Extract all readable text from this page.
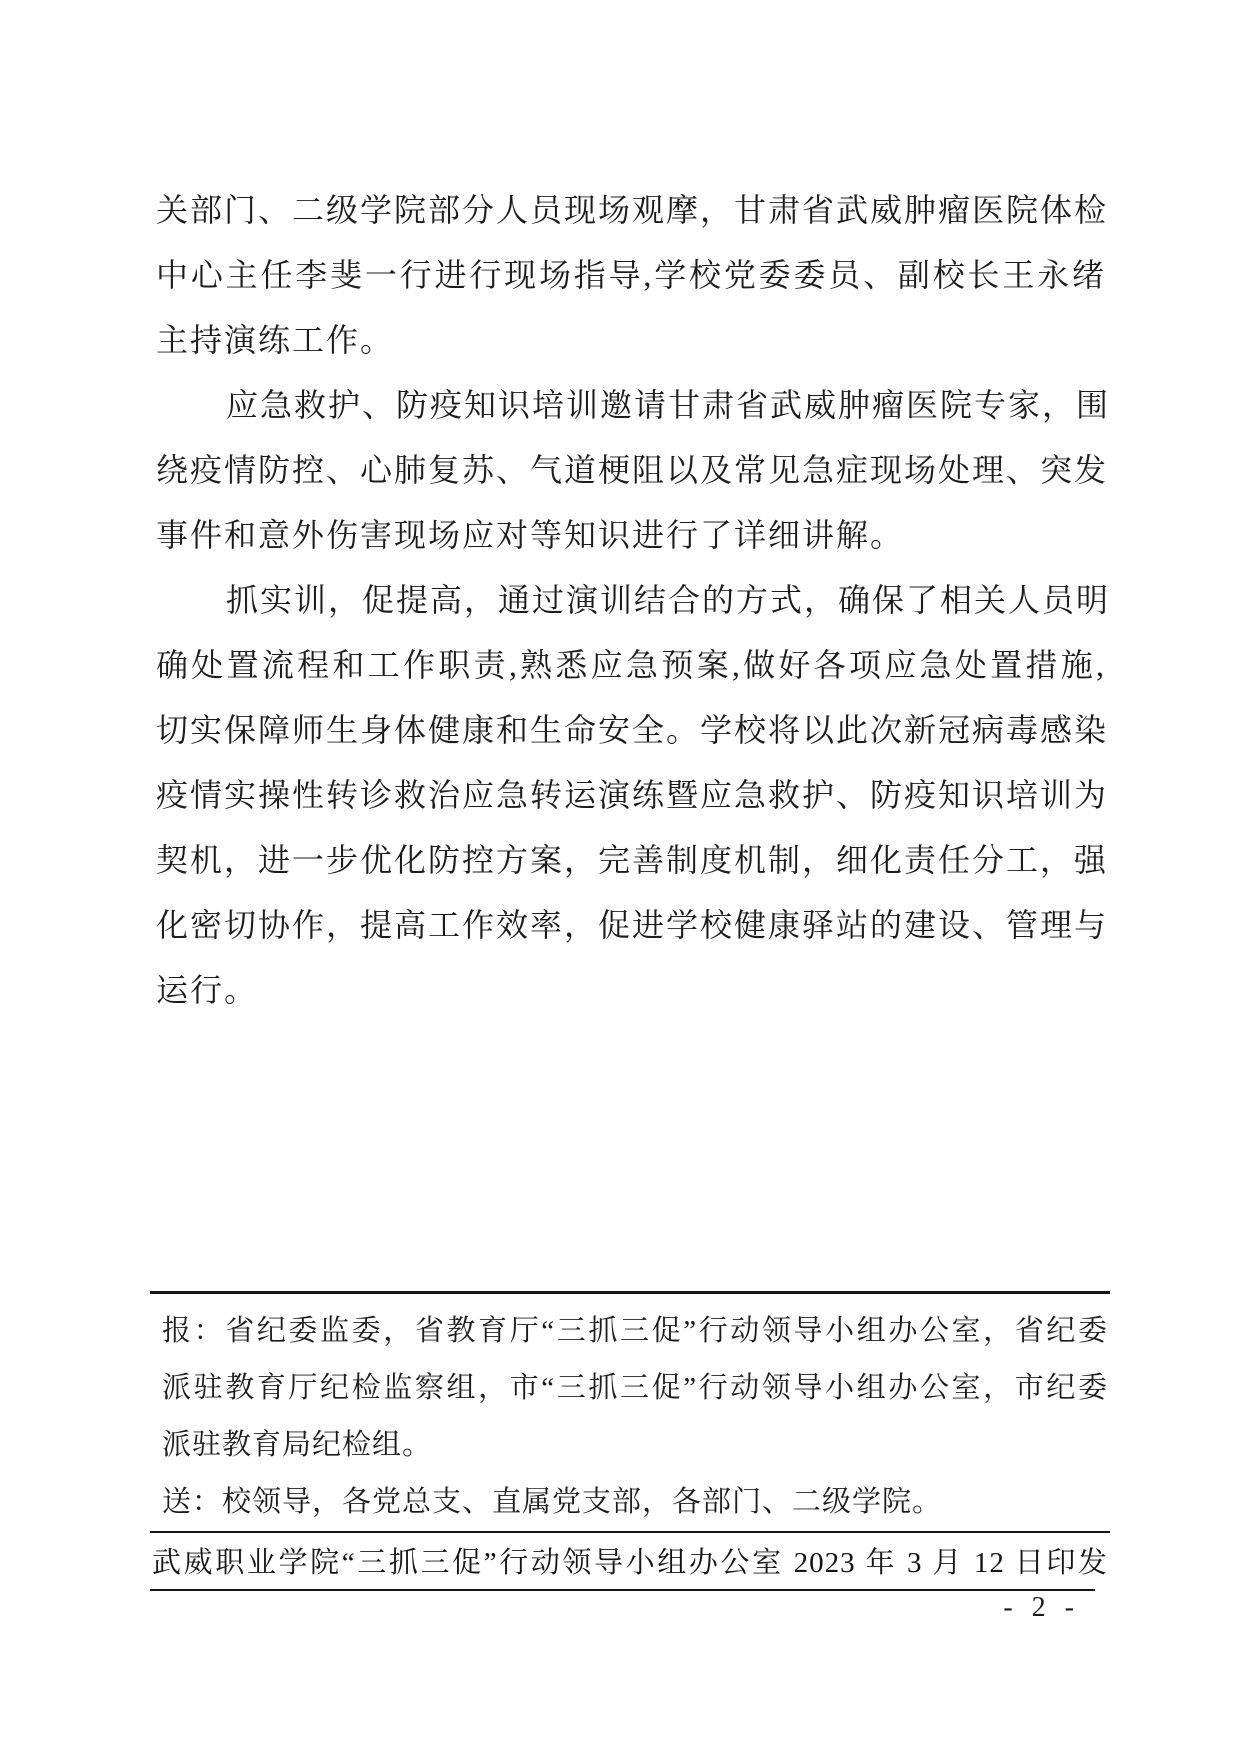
关部门、二级学院部分人员现场观摩，甘肃省武威肿瘤医院体检
中心主任李斐一行进行现场指导,学校党委委员、副校长王永绪
主持演练工作。
应急救护、防疫知识培训邀请甘肃省武威肿瘤医院专家，围
绕疫情防控、心肺复苏、气道梗阻以及常见急症现场处理、突发
事件和意外伤害现场应对等知识进行了详细讲解。
抓实训，促提高，通过演训结合的方式，确保了相关人员明
确处置流程和工作职责,熟悉应急预案,做好各项应急处置措施,
切实保障师生身体健康和生命安全。学校将以此次新冠病毒感染
疫情实操性转诊救治应急转运演练暨应急救护、防疫知识培训为
契机，进一步优化防控方案，完善制度机制，细化责任分工，强
化密切协作，提高工作效率，促进学校健康驿站的建设、管理与
运行。
报：省纪委监委，省教育厅“三抓三促”行动领导小组办公室，省纪委
派驻教育厅纪检监察组，市“三抓三促”行动领导小组办公室，市纪委
派驻教育局纪检组。
送：校领导，各党总支、直属党支部，各部门、二级学院。
武威职业学院“三抓三促”行动领导小组办公室 2023 年 3 月 12 日印发
- 2 -
